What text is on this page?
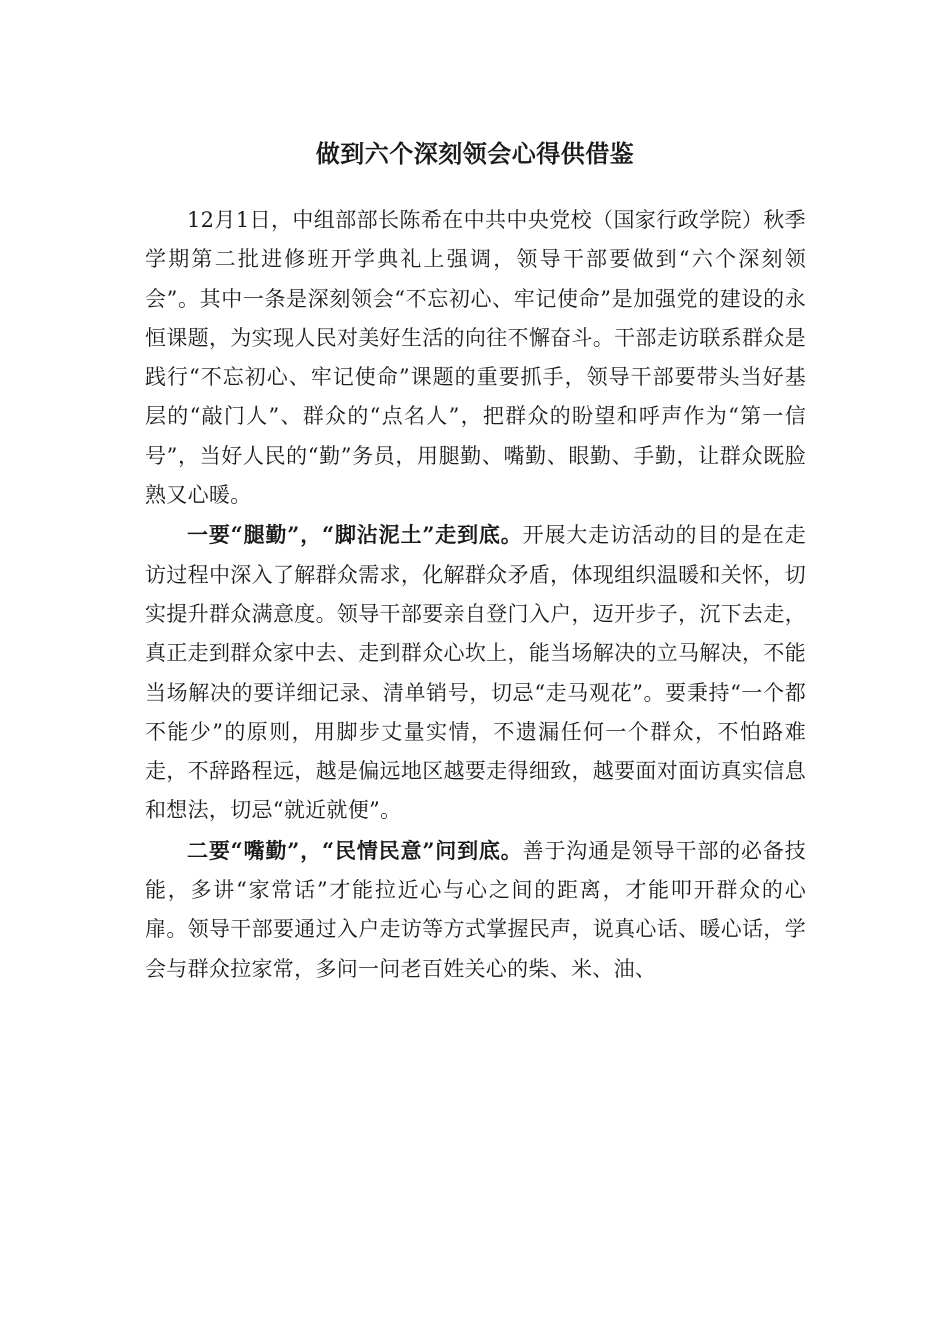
做到六个深刻领会心得供借鉴

12月1日，中组部部长陈希在中共中央党校（国家行政学院）秋季学期第二批进修班开学典礼上强调，领导干部要做到“六个深刻领会”。其中一条是深刻领会“不忘初心、牢记使命”是加强党的建设的永恒课题，为实现人民对美好生活的向往不懈奋斗。干部走访联系群众是践行“不忘初心、牢记使命”课题的重要抓手，领导干部要带头当好基层的“敲门人”、群众的“点名人”，把群众的盼望和呼声作为“第一信号”，当好人民的“勤”务员，用腿勤、嘴勤、眼勤、手勤，让群众既脸熟又心暖。

一要“腿勤”，“脚沾泥土”走到底。开展大走访活动的目的是在走访过程中深入了解群众需求，化解群众矛盾，体现组织温暖和关怀，切实提升群众满意度。领导干部要亲自登门入户，迈开步子，沉下去走，真正走到群众家中去、走到群众心坎上，能当场解决的立马解决，不能当场解决的要详细记录、清单销号，切忌“走马观花”。要秉持“一个都不能少”的原则，用脚步丈量实情，不遗漏任何一个群众，不怕路难走，不辞路程远，越是偏远地区越要走得细致，越要面对面访真实信息和想法，切忌“就近就便”。

二要“嘴勤”，“民情民意”问到底。善于沟通是领导干部的必备技能，多讲“家常话”才能拉近心与心之间的距离，才能叩开群众的心扉。领导干部要通过入户走访等方式掌握民声，说真心话、暖心话，学会与群众拉家常，多问一问老百姓关心的柴、米、油、
